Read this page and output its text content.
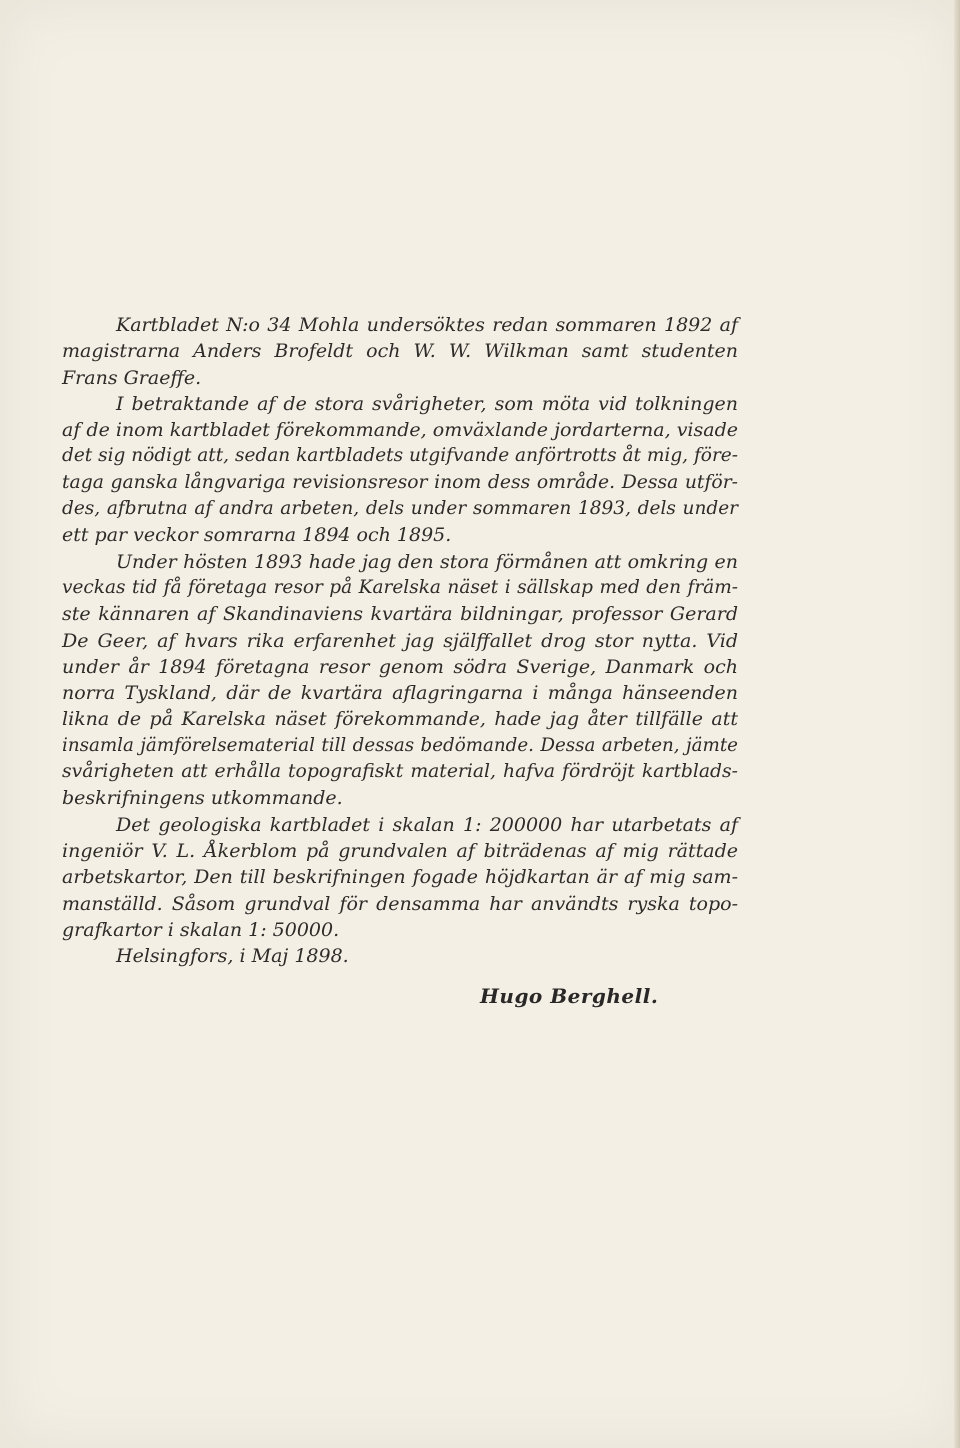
Kartbladet N:o 34 Mohla undersöktes redan sommaren 1892 af
magistrarna Anders Brofeldt och W. W. Wilkman samt studenten
Frans Graeffe.
I betraktande af de stora svårigheter, som möta vid tolkningen
af de inom kartbladet förekommande, omväxlande jordarterna, visade
det sig nödigt att, sedan kartbladets utgifvande anförtrotts åt mig, före-
taga ganska långvariga revisionsresor inom dess område. Dessa utför-
des, afbrutna af andra arbeten, dels under sommaren 1893, dels under
ett par veckor somrarna 1894 och 1895.
Under hösten 1893 hade jag den stora förmånen att omkring en
veckas tid få företaga resor på Karelska näset i sällskap med den främ-
ste kännaren af Skandinaviens kvartära bildningar, professor Gerard
De Geer, af hvars rika erfarenhet jag själffallet drog stor nytta. Vid
under år 1894 företagna resor genom södra Sverige, Danmark och
norra Tyskland, där de kvartära aflagringarna i många hänseenden
likna de på Karelska näset förekommande, hade jag åter tillfälle att
insamla jämförelsematerial till dessas bedömande. Dessa arbeten, jämte
svårigheten att erhålla topografiskt material, hafva fördröjt kartblads-
beskrifningens utkommande.
Det geologiska kartbladet i skalan 1: 200000 har utarbetats af
ingeniör V. L. Åkerblom på grundvalen af biträdenas af mig rättade
arbetskartor, Den till beskrifningen fogade höjdkartan är af mig sam-
manställd. Såsom grundval för densamma har användts ryska topo-
grafkartor i skalan 1: 50000.
Helsingfors, i Maj 1898.
Hugo Berghell.
